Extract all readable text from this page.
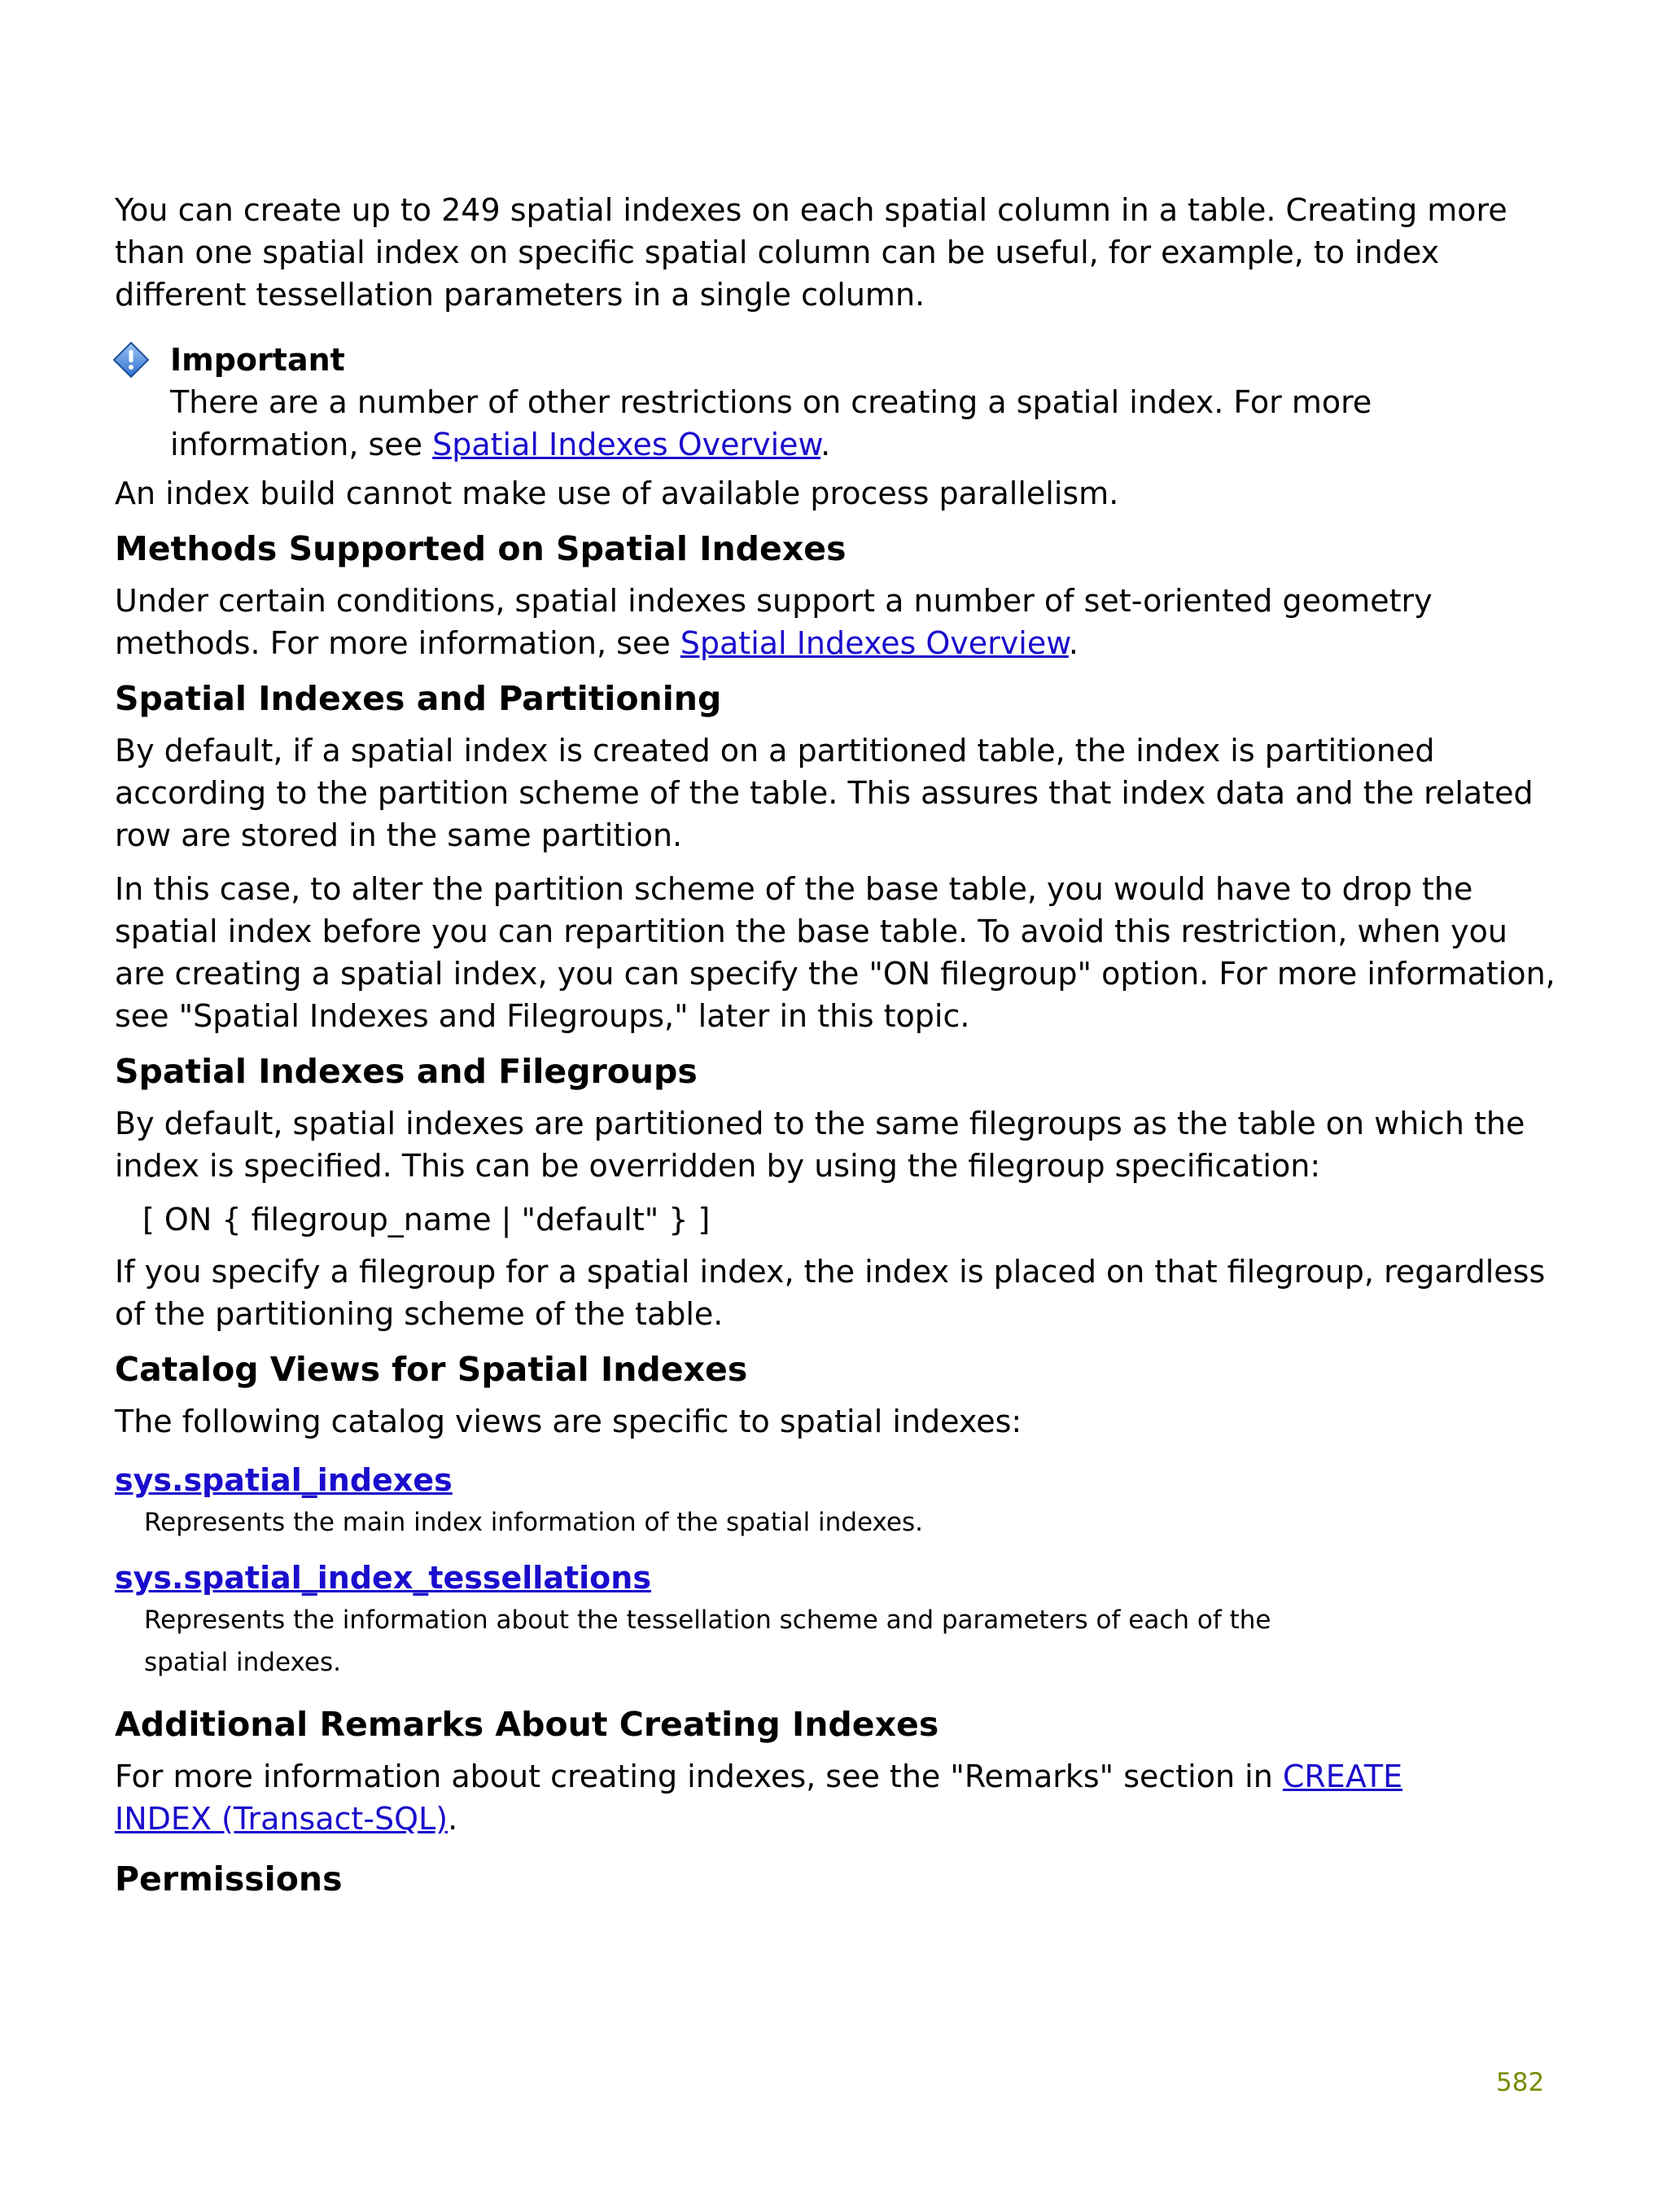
You can create up to 249 spatial indexes on each spatial column in a table. Creating more than one spatial index on specific spatial column can be useful, for example, to index different tessellation parameters in a single column.

Important
There are a number of other restrictions on creating a spatial index. For more information, see Spatial Indexes Overview.

An index build cannot make use of available process parallelism.

Methods Supported on Spatial Indexes

Under certain conditions, spatial indexes support a number of set-oriented geometry methods. For more information, see Spatial Indexes Overview.

Spatial Indexes and Partitioning

By default, if a spatial index is created on a partitioned table, the index is partitioned according to the partition scheme of the table. This assures that index data and the related row are stored in the same partition.

In this case, to alter the partition scheme of the base table, you would have to drop the spatial index before you can repartition the base table. To avoid this restriction, when you are creating a spatial index, you can specify the "ON filegroup" option. For more information, see "Spatial Indexes and Filegroups," later in this topic.

Spatial Indexes and Filegroups

By default, spatial indexes are partitioned to the same filegroups as the table on which the index is specified. This can be overridden by using the filegroup specification:

[ ON { filegroup_name | "default" } ]

If you specify a filegroup for a spatial index, the index is placed on that filegroup, regardless of the partitioning scheme of the table.

Catalog Views for Spatial Indexes

The following catalog views are specific to spatial indexes:

sys.spatial_indexes
Represents the main index information of the spatial indexes.
sys.spatial_index_tessellations
Represents the information about the tessellation scheme and parameters of each of the spatial indexes.
Additional Remarks About Creating Indexes

For more information about creating indexes, see the "Remarks" section in CREATE INDEX (Transact-SQL).

Permissions
582
